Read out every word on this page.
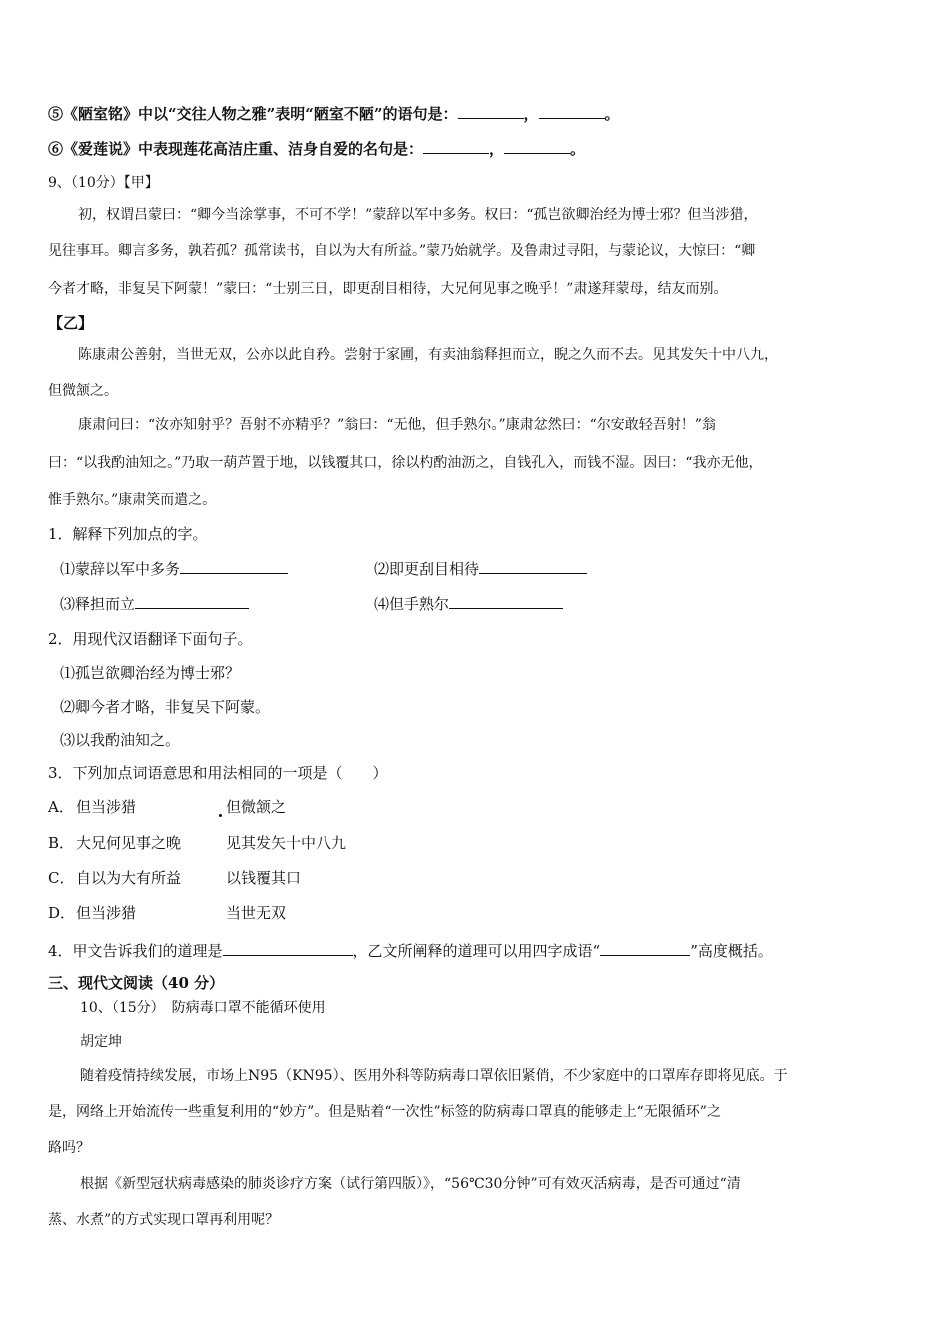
⑤《陋室铭》中以“交往人物之雅”表明“陋室不陋”的语句是：	，	。
⑥《爱莲说》中表现莲花高洁庄重、洁身自爱的名句是：	，	。
9、（10分）【甲】
初，权谓吕蒙曰：“卿今当涂掌事，不可不学！”蒙辞以军中多务。权曰：“孤岂欲卿治经为博士邪？但当涉猎，
见往事耳。卿言多务，孰若孤？孤常读书，自以为大有所益。”蒙乃始就学。及鲁肃过寻阳，与蒙论议，大惊曰：“卿
今者才略，非复吴下阿蒙！”蒙曰：“士别三日，即更刮目相待，大兄何见事之晚乎！”肃遂拜蒙母，结友而别。
【乙】
陈康肃公善射，当世无双，公亦以此自矜。尝射于家圃，有卖油翁释担而立，睨之久而不去。见其发矢十中八九，
但微颔之。
康肃问曰：“汝亦知射乎？吾射不亦精乎？”翁曰：“无他，但手熟尔。”康肃忿然曰：“尔安敢轻吾射！”翁
曰：“以我酌油知之。”乃取一葫芦置于地，以钱覆其口，徐以杓酌油沥之，自钱孔入，而钱不湿。因曰：“我亦无他，
惟手熟尔。”康肃笑而遣之。
1．解释下列加点的字。
⑴蒙辞以军中多务	⑵即更刮目相待
⑶释担而立	⑷但手熟尔
2．用现代汉语翻译下面句子。
⑴孤岂欲卿治经为博士邪？
⑵卿今者才略，非复吴下阿蒙。
⑶以我酌油知之。
3．下列加点词语意思和用法相同的一项是（　　）
A． 但当涉猎	但微颔之
B． 大兄何见事之晚	见其发矢十中八九
C． 自以为大有所益	以钱覆其口
D． 但当涉猎	当世无双
4．甲文告诉我们的道理是	，乙文所阐释的道理可以用四字成语“	”高度概括。
三、现代文阅读（40 分）
10、（15分）　防病毒口罩不能循环使用
胡定坤
随着疫情持续发展，市场上N95（KN95）、医用外科等防病毒口罩依旧紧俏，不少家庭中的口罩库存即将见底。于
是，网络上开始流传一些重复利用的“妙方”。但是贴着“一次性”标签的防病毒口罩真的能够走上“无限循环”之
路吗？
根据《新型冠状病毒感染的肺炎诊疗方案（试行第四版）》，“56℃30分钟”可有效灭活病毒，是否可通过“清
蒸、水煮”的方式实现口罩再利用呢？
